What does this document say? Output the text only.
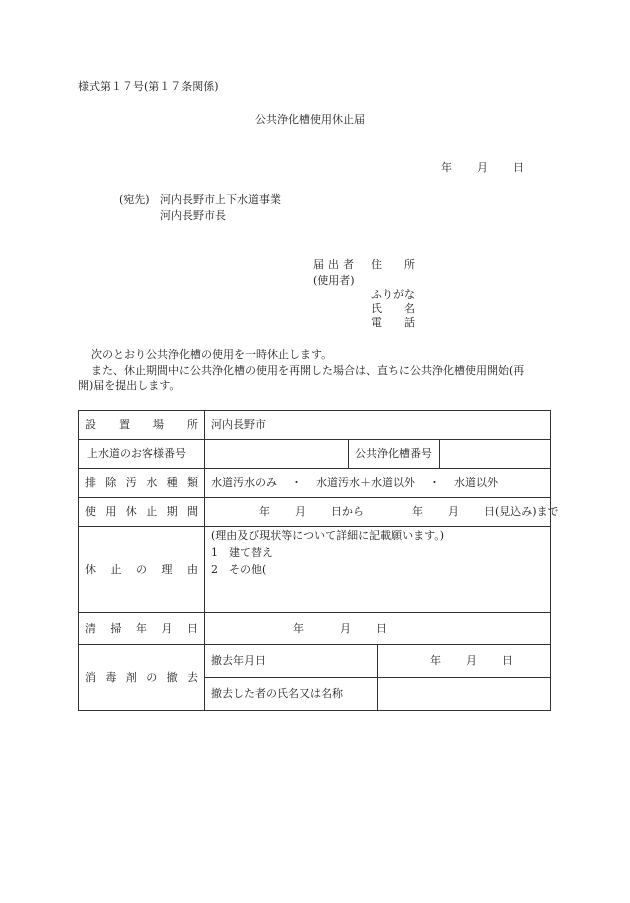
様式第１７号(第１７条関係)
公共浄化槽使用休止届
年 月 日
(宛先) 河内長野市上下水道事業
河内長野市長
届出者 住　　所
(使用者)
ふりがな
氏　　名
電　　話
次のとおり公共浄化槽の使用を一時休止します。
また、休止期間中に公共浄化槽の使用を再開した場合は、直ちに公共浄化槽使用開始(再
開)届を提出します。
設置場所	河内長野市			
上水道のお客様番号		公共浄化槽番号		
排除汚水種類	水道汚水のみ ・ 水道汚水＋水道以外 ・ 水道以外			
使用休止期間	年 月 日から 年 月 日(見込み)まで			
休止の理由	(理由及び現状等について詳細に記載願います。)
1　建て替え
2　その他(			

清掃年月日	年 月 日			
消毒剤の撤去	撤去年月日		年 月 日	
	撤去した者の氏名又は名称			
